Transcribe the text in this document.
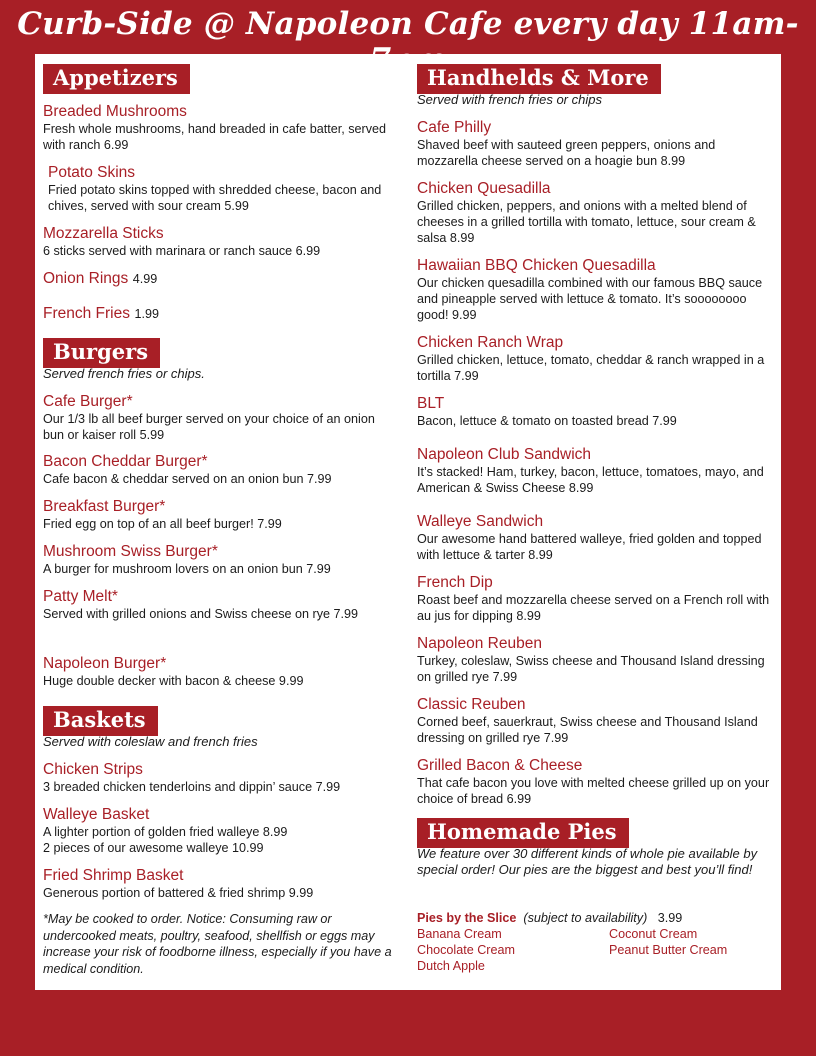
Curb-Side @ Napoleon Cafe every day 11am-
Appetizers
Breaded Mushrooms
Fresh whole mushrooms, hand breaded in cafe batter, served with ranch 6.99
Potato Skins
Fried potato skins topped with shredded cheese, bacon and chives, served with sour cream 5.99
Mozzarella Sticks
6 sticks served with marinara or ranch sauce 6.99
Onion Rings 4.99
French Fries 1.99
Burgers
Served french fries or chips.
Cafe Burger*
Our 1/3 lb all beef burger served on your choice of an onion bun or kaiser roll 5.99
Bacon Cheddar Burger*
Cafe bacon & cheddar served on an onion bun 7.99
Breakfast Burger*
Fried egg on top of an all beef burger! 7.99
Mushroom Swiss Burger*
A burger for mushroom lovers on an onion bun 7.99
Patty Melt*
Served with grilled onions and Swiss cheese on rye 7.99
Napoleon Burger*
Huge double decker with bacon & cheese 9.99
Baskets
Served with coleslaw and french fries
Chicken Strips
3 breaded chicken tenderloins and dippin’ sauce 7.99
Walleye Basket
A lighter portion of golden fried walleye 8.99
2 pieces of our awesome walleye 10.99
Fried Shrimp Basket
Generous portion of battered & fried shrimp 9.99
*May be cooked to order. Notice: Consuming raw or undercooked meats, poultry, seafood, shellfish or eggs may increase your risk of foodborne illness, especially if you have a medical condition.
Handhelds & More
Served with french fries or chips
Cafe Philly
Shaved beef with sauteed green peppers, onions and mozzarella cheese served on a hoagie bun 8.99
Chicken Quesadilla
Grilled chicken, peppers, and onions with a melted blend of cheeses in a grilled tortilla with tomato, lettuce, sour cream & salsa 8.99
Hawaiian BBQ Chicken Quesadilla
Our chicken quesadilla combined with our famous BBQ sauce and pineapple served with lettuce & tomato. It’s soooooooo good! 9.99
Chicken Ranch Wrap
Grilled chicken, lettuce, tomato, cheddar & ranch wrapped in a tortilla 7.99
BLT
Bacon, lettuce & tomato on toasted bread 7.99
Napoleon Club Sandwich
It’s stacked! Ham, turkey, bacon, lettuce, tomatoes, mayo, and American & Swiss Cheese 8.99
Walleye Sandwich
Our awesome hand battered walleye, fried golden and topped with lettuce & tarter 8.99
French Dip
Roast beef and mozzarella cheese served on a French roll with au jus for dipping 8.99
Napoleon Reuben
Turkey, coleslaw, Swiss cheese and Thousand Island dressing on grilled rye 7.99
Classic Reuben
Corned beef, sauerkraut, Swiss cheese and Thousand Island dressing on grilled rye 7.99
Grilled Bacon & Cheese
That cafe bacon you love with melted cheese grilled up on your choice of bread 6.99
Homemade Pies
We feature over 30 different kinds of whole pie available by special order! Our pies are the biggest and best you’ll find!
Pies by the Slice (subject to availability) 3.99
Banana Cream	Coconut Cream
Chocolate Cream	Peanut Butter Cream
Dutch Apple
